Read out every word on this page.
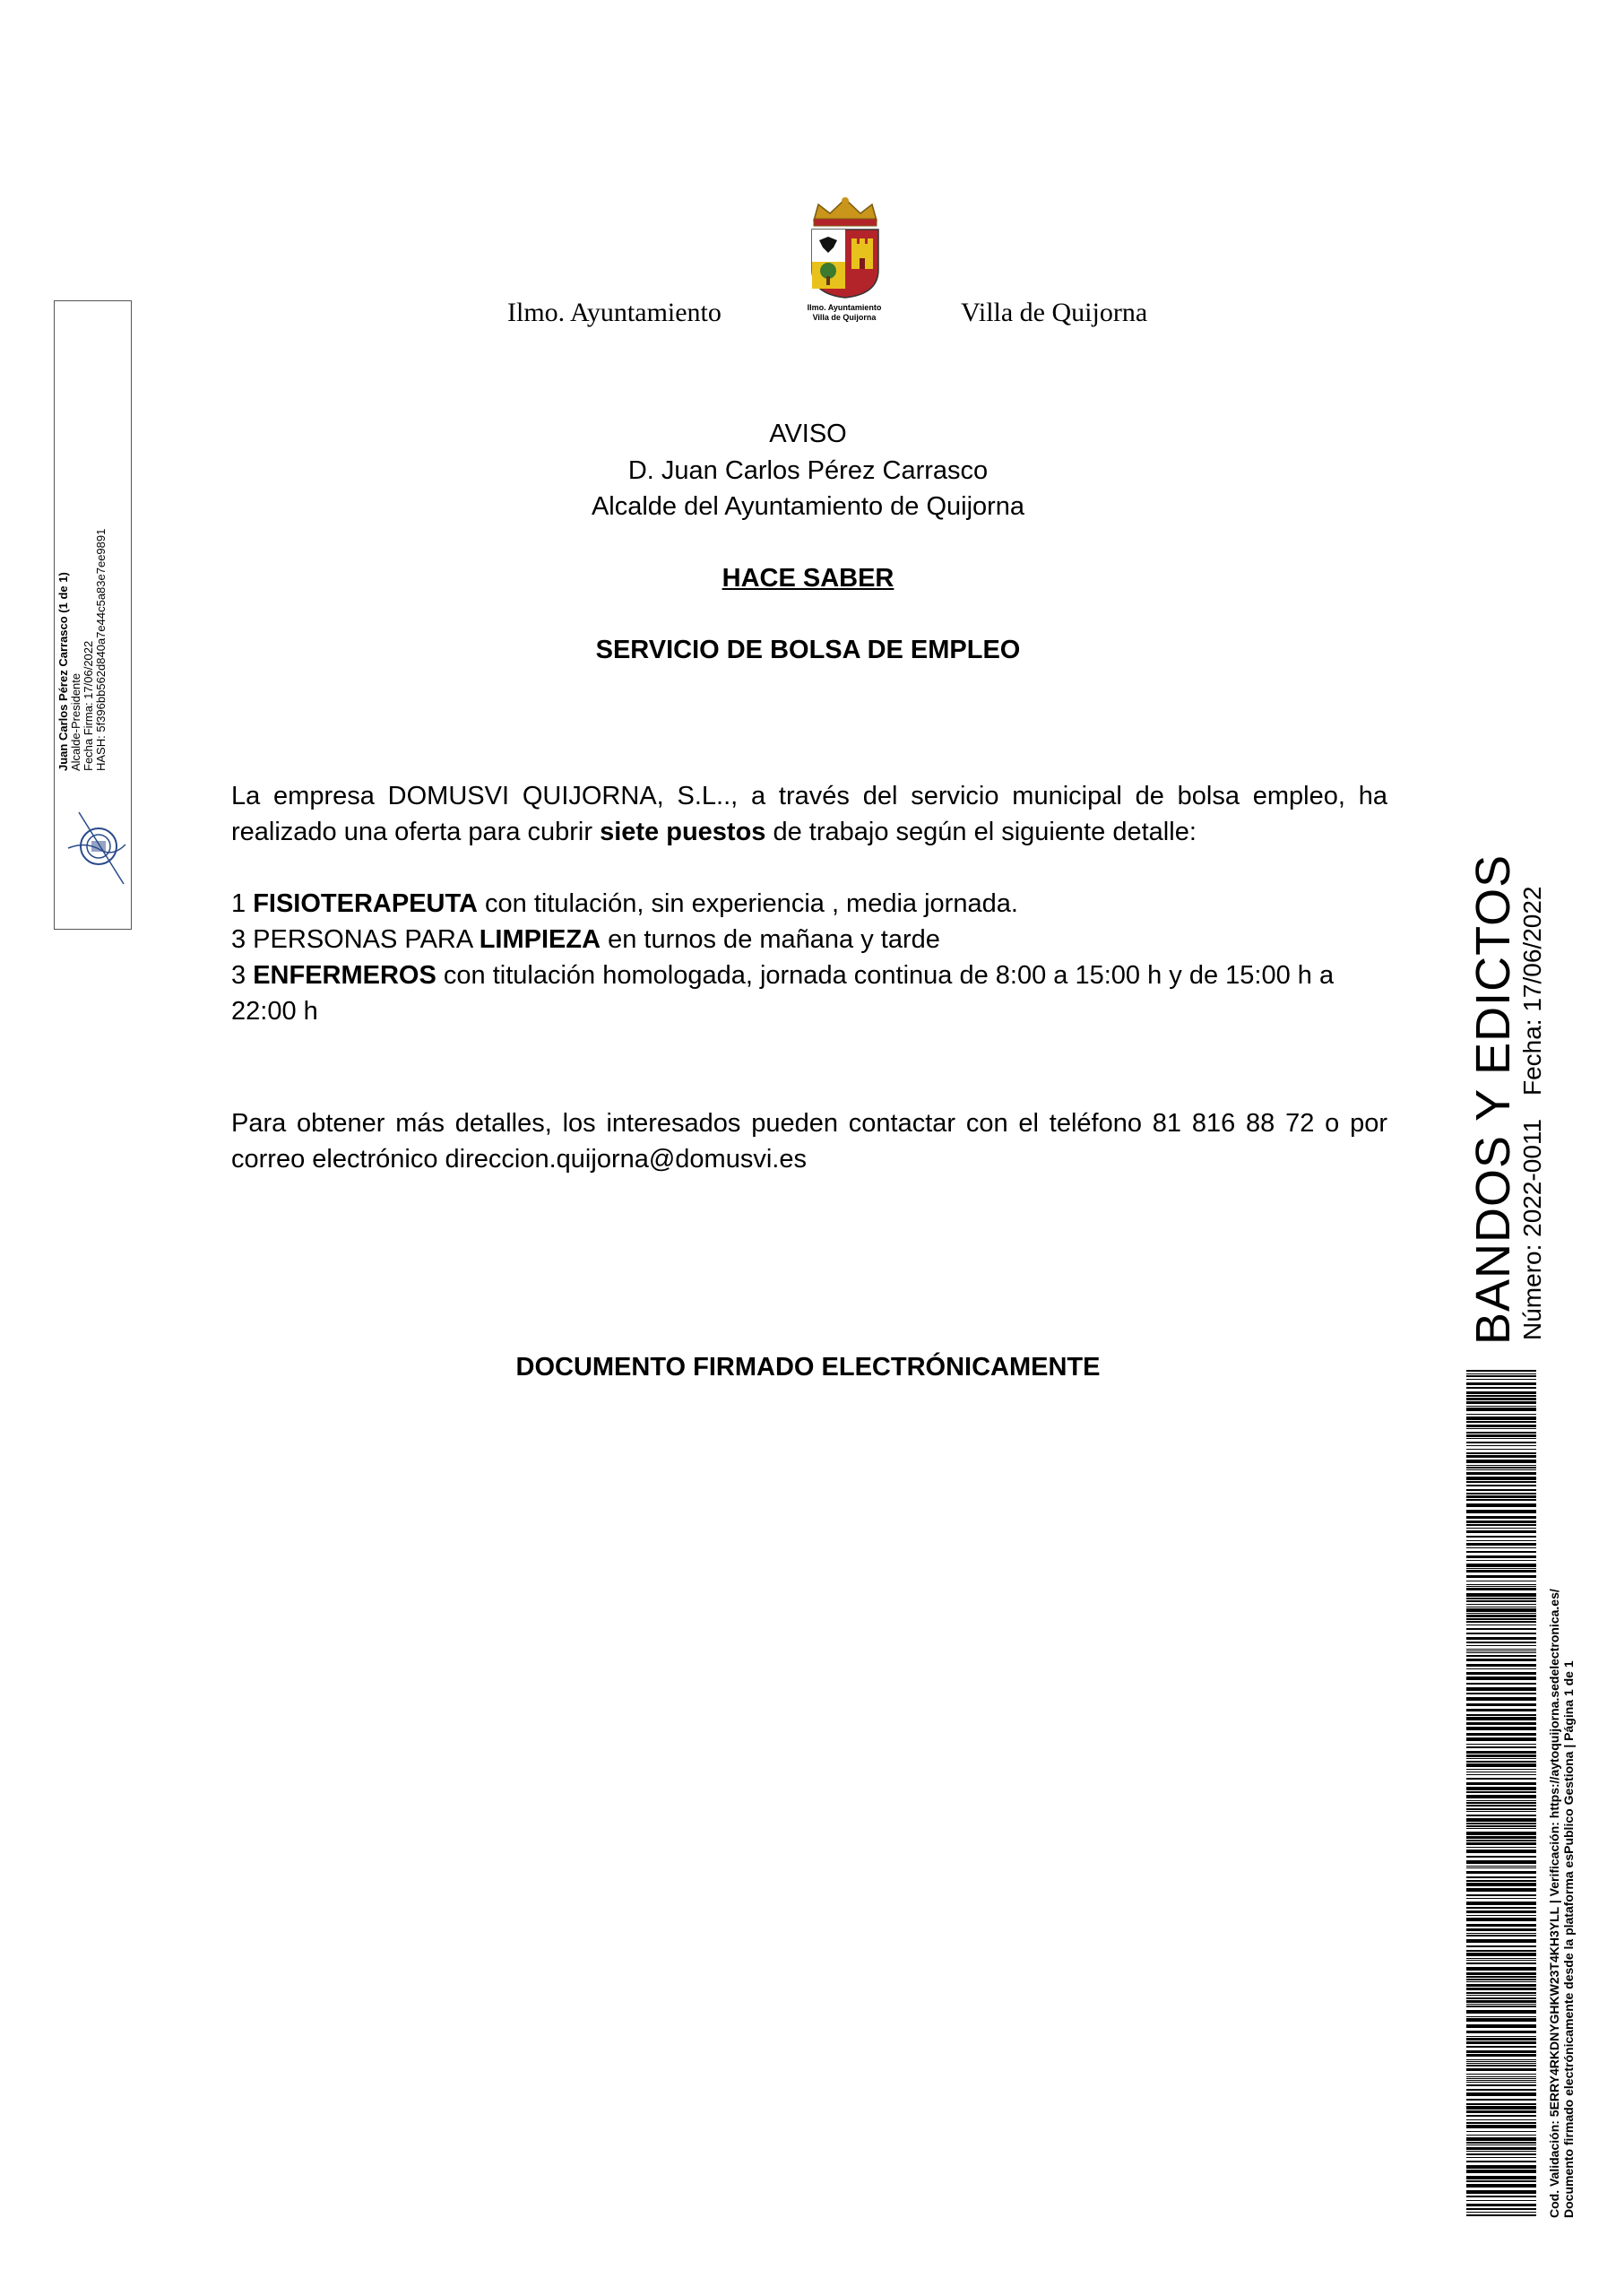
Ilmo. Ayuntamiento	Ilmo. Ayuntamiento
Villa de Quijorna	Villa de Quijorna
AVISO
D. Juan Carlos Pérez Carrasco
Alcalde del Ayuntamiento de Quijorna
HACE SABER
SERVICIO DE BOLSA DE EMPLEO
La empresa DOMUSVI QUIJORNA, S.L.., a través del servicio municipal de bolsa empleo, ha realizado una oferta para cubrir siete puestos de trabajo según el siguiente detalle:
1 FISIOTERAPEUTA con titulación, sin experiencia , media jornada.
3 PERSONAS PARA LIMPIEZA en turnos de mañana y tarde
3 ENFERMEROS con titulación homologada, jornada continua de 8:00 a 15:00 h y de 15:00 h a 22:00 h
Para obtener más detalles, los interesados pueden contactar con el teléfono 81 816 88 72 o por correo electrónico direccion.quijorna@domusvi.es
DOCUMENTO FIRMADO ELECTRÓNICAMENTE
Juan Carlos Pérez Carrasco (1 de 1) Alcalde-Presidente Fecha Firma: 17/06/2022 HASH: 5f396bb562d840a7e44c5a83e7ee9891
BANDOS Y EDICTOS
Número: 2022-0011Fecha: 17/06/2022
Cod. Validación: 5ERRY4RKDNYGHKW23T4KH3YLL | Verificación: https://aytoquijorna.sedelectronica.es/ Documento firmado electrónicamente desde la plataforma esPublico Gestiona | Página 1 de 1
